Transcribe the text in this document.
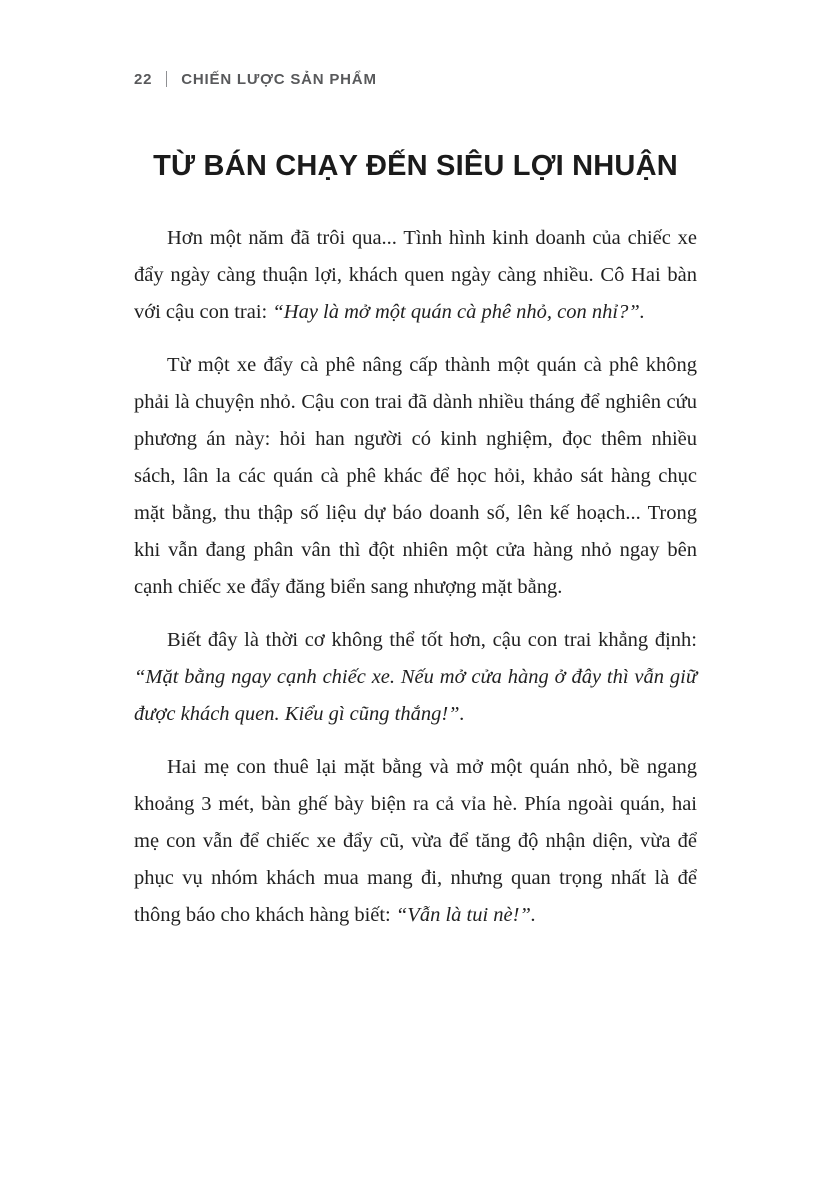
22 CHIẾN LƯỢC SẢN PHẨM
TỪ BÁN CHẠY ĐẾN SIÊU LỢI NHUẬN

Hơn một năm đã trôi qua... Tình hình kinh doanh của chiếc xe đẩy ngày càng thuận lợi, khách quen ngày càng nhiều. Cô Hai bàn với cậu con trai: “Hay là mở một quán cà phê nhỏ, con nhỉ?”.

Từ một xe đẩy cà phê nâng cấp thành một quán cà phê không phải là chuyện nhỏ. Cậu con trai đã dành nhiều tháng để nghiên cứu phương án này: hỏi han người có kinh nghiệm, đọc thêm nhiều sách, lân la các quán cà phê khác để học hỏi, khảo sát hàng chục mặt bằng, thu thập số liệu dự báo doanh số, lên kế hoạch... Trong khi vẫn đang phân vân thì đột nhiên một cửa hàng nhỏ ngay bên cạnh chiếc xe đẩy đăng biển sang nhượng mặt bằng.

Biết đây là thời cơ không thể tốt hơn, cậu con trai khẳng định: “Mặt bằng ngay cạnh chiếc xe. Nếu mở cửa hàng ở đây thì vẫn giữ được khách quen. Kiểu gì cũng thắng!”.

Hai mẹ con thuê lại mặt bằng và mở một quán nhỏ, bề ngang khoảng 3 mét, bàn ghế bày biện ra cả vỉa hè. Phía ngoài quán, hai mẹ con vẫn để chiếc xe đẩy cũ, vừa để tăng độ nhận diện, vừa để phục vụ nhóm khách mua mang đi, nhưng quan trọng nhất là để thông báo cho khách hàng biết: “Vẫn là tui nè!”.
